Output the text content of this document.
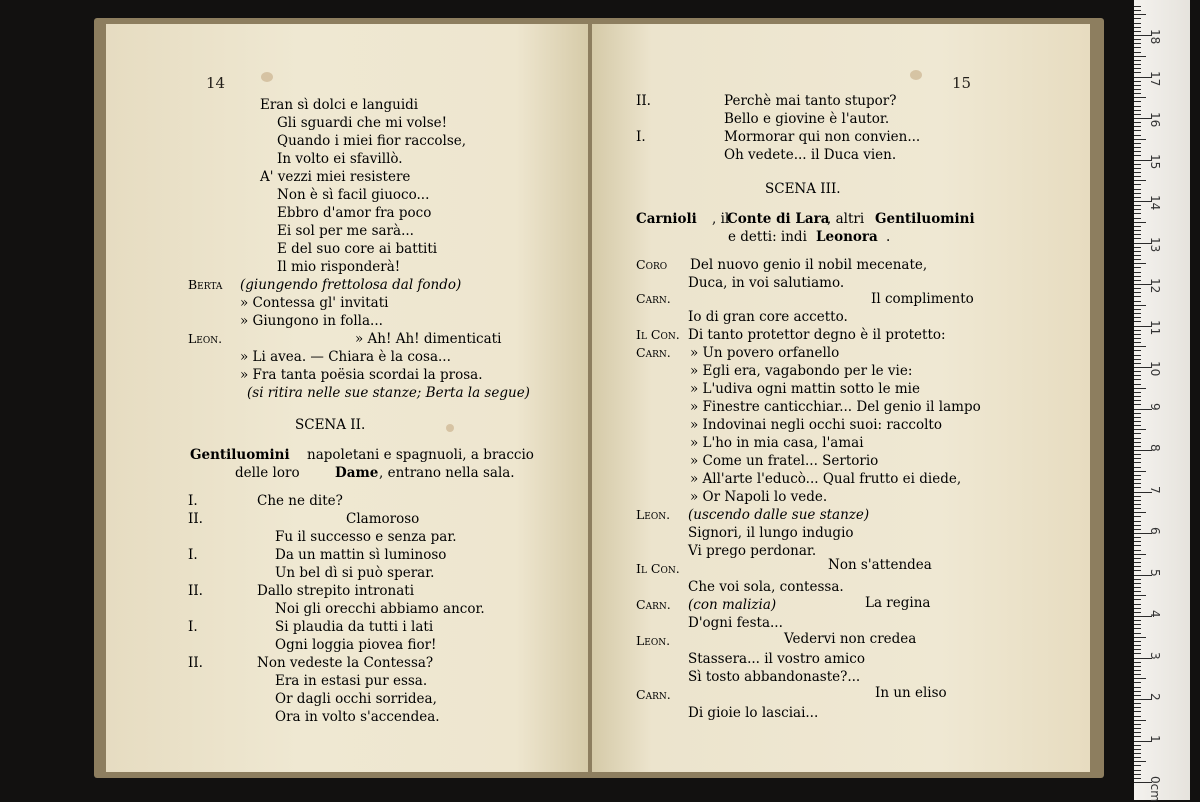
14	15
Eran sì dolci e languidi
Gli sguardi che mi volse!
Quando i miei fior raccolse,
In volto ei sfavillò.
A' vezzi miei resistere
Non è sì facil giuoco...
Ebbro d'amor fra poco
Ei sol per me sarà...
E del suo core ai battiti
Il mio risponderà!
Berta (giungendo frettolosa dal fondo)
» Contessa gl' invitati
» Giungono in folla...
Leon.	» Ah! Ah! dimenticati
» Li avea. — Chiara è la cosa...
» Fra tanta poësia scordai la prosa.
(si ritira nelle sue stanze; Berta la segue)
SCENA II.
Gentiluomini napoletani e spagnuoli, a braccio
delle loro	Dame , entrano nella sala.
I.	Che ne dite?
II.	Clamoroso
Fu il successo e senza par.
I.	Da un mattin sì luminoso
Un bel dì si può sperar.
II.	Dallo strepito intronati
Noi gli orecchi abbiamo ancor.
I.	Si plaudia da tutti i lati
Ogni loggia piovea fior!
II.	Non vedeste la Contessa?
Era in estasi pur essa.
Or dagli occhi sorridea,
Ora in volto s'accendea.
II.	Perchè mai tanto stupor?
Bello e giovine è l'autor.
I.	Mormorar qui non convien...
Oh vedete... il Duca vien.
SCENA III.
Carnioli , il
Conte di Lara
, altri Gentiluomini
e detti: indi Leonora .
Coro Del nuovo genio il nobil mecenate,
Duca, in voi salutiamo.
Carn.	Il complimento
Io di gran core accetto.
Il Con. Di tanto protettor degno è il protetto:
Carn. » Un povero orfanello
» Egli era, vagabondo per le vie:
» L'udiva ogni mattin sotto le mie
» Finestre canticchiar... Del genio il lampo
» Indovinai negli occhi suoi: raccolto
» L'ho in mia casa, l'amai
» Come un fratel... Sertorio
» All'arte l'educò... Qual frutto ei diede,
» Or Napoli lo vede.
Leon. (uscendo dalle sue stanze)
Signori, il lungo indugio
Vi prego perdonar.
Il Con.	Non s'attendea
Che voi sola, contessa.
Carn. (con malizia)	La regina
D'ogni festa...
Leon.	Vedervi non credea
Stassera... il vostro amico
Sì tosto abbandonaste?...
Carn.	In un eliso
Di gioie lo lasciai...
0cm
1
2
3
4
5
6
7
8
9
10
11
12
13
14
15
16
17
18
